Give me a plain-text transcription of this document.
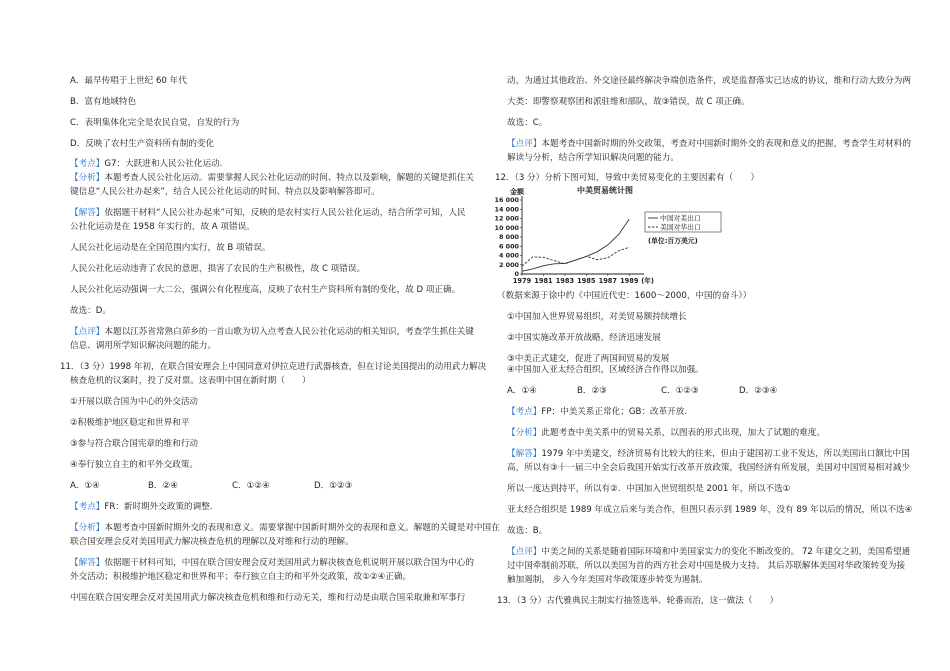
A．最早传唱于上世纪 60 年代
B．富有地域特色
C．表明集体化完全是农民自觉，自发的行为
D．反映了农村生产资料所有制的变化
【考点】G7：大跃进和人民公社化运动.
【分析】本题考查人民公社化运动。需要掌握人民公社化运动的时间、特点以及影响，解题的关键是抓住关
键信息“人民公社办起来”，结合人民公社化运动的时间、特点以及影响解答即可。
【解答】依据题干材料“人民公社办起来”可知，反映的是农村实行人民公社化运动，结合所学可知，人民
公社化运动是在 1958 年实行的，故 A 项错误。
人民公社化运动是在全国范围内实行，故 B 项错误。
人民公社化运动违背了农民的意愿，损害了农民的生产积极性，故 C 项错误。
人民公社化运动强调一大二公，强调公有化程度高，反映了农村生产资料所有制的变化，故 D 项正确。
故选：D。
【点评】本题以江苏省常熟白茆乡的一首山歌为切入点考查人民公社化运动的相关知识，考查学生抓住关键
信息、调用所学知识解决问题的能力。
11．（3 分）1998 年初，在联合国安理会上中国同意对伊拉克进行武器核查，但在讨论美国提出的动用武力解决
核查危机的议案时，投了反对票。这表明中国在新时期（　　）
①开展以联合国为中心的外交活动
②积极维护地区稳定和世界和平
③参与符合联合国宪章的维和行动
④奉行独立自主的和平外交政策。
A．①④	B．②④	C．①②④	D．①②③
【考点】FR：新时期外交政策的调整.
【分析】本题考查中国新时期外交的表现和意义。需要掌握中国新时期外交的表现和意义。解题的关键是对中国在
联合国安理会反对美国用武力解决核查危机的理解以及对维和行动的理解。
【解答】依据题干材料可知，中国在联合国安理会反对美国用武力解决核查危机说明开展以联合国为中心的
外交活动；积极维护地区稳定和世界和平；奉行独立自主的和平外交政策，故①②④正确。
中国在联合国安理会反对美国用武力解决核查危机和维和行动无关，维和行动是由联合国采取兼和军事行
动，为通过其他政治、外交途径最终解决争端创造条件，或是监督落实已达成的协议，维和行动大致分为两
大类：即警察观察团和派驻维和部队，故③错误，故 C 项正确。
故选：C。
【点评】本题考查中国新时期的外交政策，考查对中国新时期外交的表现和意义的把握，考查学生对材料的
解读与分析，结合所学知识解决问题的能力。
12．（3 分）分析下图可知，导致中美贸易变化的主要因素有（　　）
中美贸易统计图
金额
0
2 000
4 000
6 000
8 000
10 000
12 000
14 000
16 000
1979 1981 1983 1985 1987 1989 (年)
中国对美出口
美国对华出口
(单位:百万美元)
（数据来源于徐中约《中国近代史：1600～2000，中国的奋斗》）
①中国加入世界贸易组织，对美贸易额持续增长
②中国实施改革开放战略，经济迅速发展
③中美正式建交，促进了两国间贸易的发展
④中国加入亚太经合组织，区域经济合作得以加强。
A．①④	B．②③	C．①②③	D．②③④
【考点】FP：中美关系正常化；GB：改革开放.
【分析】此题考查中美关系中的贸易关系，以图表的形式出现，加大了试题的难度。
【解答】1979 年中美建交，经济贸易有比较大的往来，但由于建国初工业不发达，所以美国出口额比中国
高，所以有③十一届三中全会后我国开始实行改革开放政策，我国经济有所发展，美国对中国贸易相对减少
所以一度达到持平，所以有②．中国加入世贸组织是 2001 年，所以不选①
亚太经合组织是 1989 年成立后来与美合作，但图只表示到 1989 年，没有 89 年以后的情况，所以不选④
故选：B。
【点评】中美之间的关系是随着国际环境和中美国家实力的变化不断改变的。 72 年建交之初，美国希望通
过中国牵制前苏联，所以以美国为首的西方社会对中国是极力支持。 其后苏联解体美国对华政策转变为接
触加遏制， 步入今年美国对华政策逐步转变为遏制。
13．（3 分）古代雅典民主制实行抽签选举、轮番而治，这一做法（　　）
